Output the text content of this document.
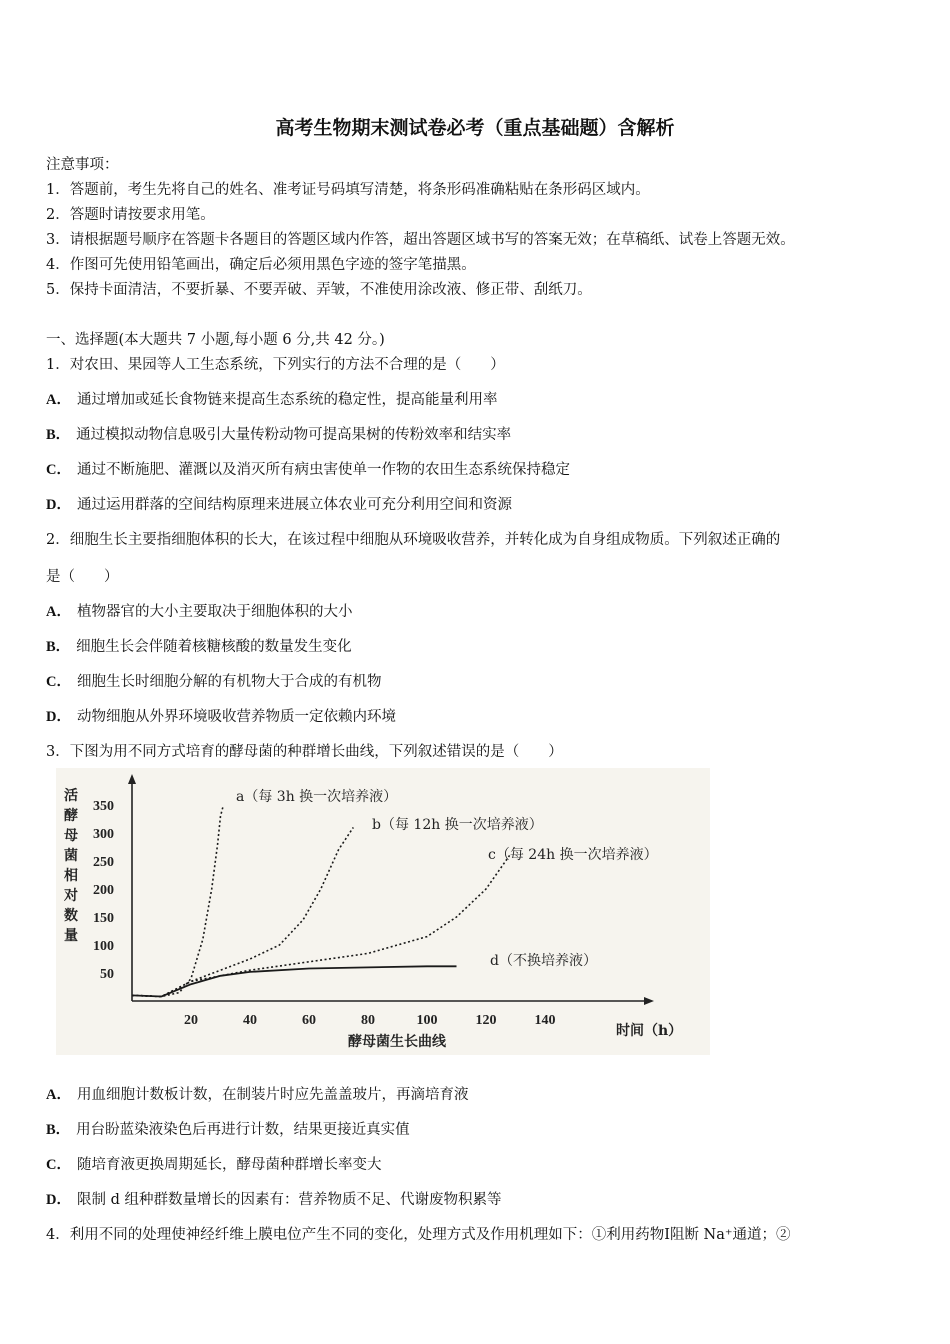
高考生物期末测试卷必考（重点基础题）含解析
注意事项：
1．答题前，考生先将自己的姓名、准考证号码填写清楚，将条形码准确粘贴在条形码区域内。
2．答题时请按要求用笔。
3．请根据题号顺序在答题卡各题目的答题区域内作答，超出答题区域书写的答案无效；在草稿纸、试卷上答题无效。
4．作图可先使用铅笔画出，确定后必须用黑色字迹的签字笔描黑。
5．保持卡面清洁，不要折暴、不要弄破、弄皱，不准使用涂改液、修正带、刮纸刀。
一、选择题(本大题共 7 小题,每小题 6 分,共 42 分。)
1．对农田、果园等人工生态系统，下列实行的方法不合理的是（　　）
A． 通过增加或延长食物链来提高生态系统的稳定性，提高能量利用率
B． 通过模拟动物信息吸引大量传粉动物可提高果树的传粉效率和结实率
C． 通过不断施肥、灌溉以及消灭所有病虫害使单一作物的农田生态系统保持稳定
D． 通过运用群落的空间结构原理来进展立体农业可充分利用空间和资源
2．细胞生长主要指细胞体积的长大，在该过程中细胞从环境吸收营养，并转化成为自身组成物质。下列叙述正确的
是（　　）
A． 植物器官的大小主要取决于细胞体积的大小
B． 细胞生长会伴随着核糖核酸的数量发生变化
C． 细胞生长时细胞分解的有机物大于合成的有机物
D． 动物细胞从外界环境吸收营养物质一定依赖内环境
3．下图为用不同方式培育的酵母菌的种群增长曲线，下列叙述错误的是（　　）
活
酵
母
菌
相
对
数
量
50
100
150
200
250
300
350
20	40	60	80	100	120	140
a（每 3h 换一次培养液）
b（每 12h 换一次培养液）
c（每 24h 换一次培养液）
d（不换培养液）
酵母菌生长曲线
时间（h）
A． 用血细胞计数板计数，在制装片时应先盖盖玻片，再滴培育液
B． 用台盼蓝染液染色后再进行计数，结果更接近真实值
C． 随培育液更换周期延长，酵母菌种群增长率变大
D． 限制 d 组种群数量增长的因素有：营养物质不足、代谢废物积累等
4．利用不同的处理使神经纤维上膜电位产生不同的变化，处理方式及作用机理如下：①利用药物Ⅰ阻断 Na⁺通道；②
